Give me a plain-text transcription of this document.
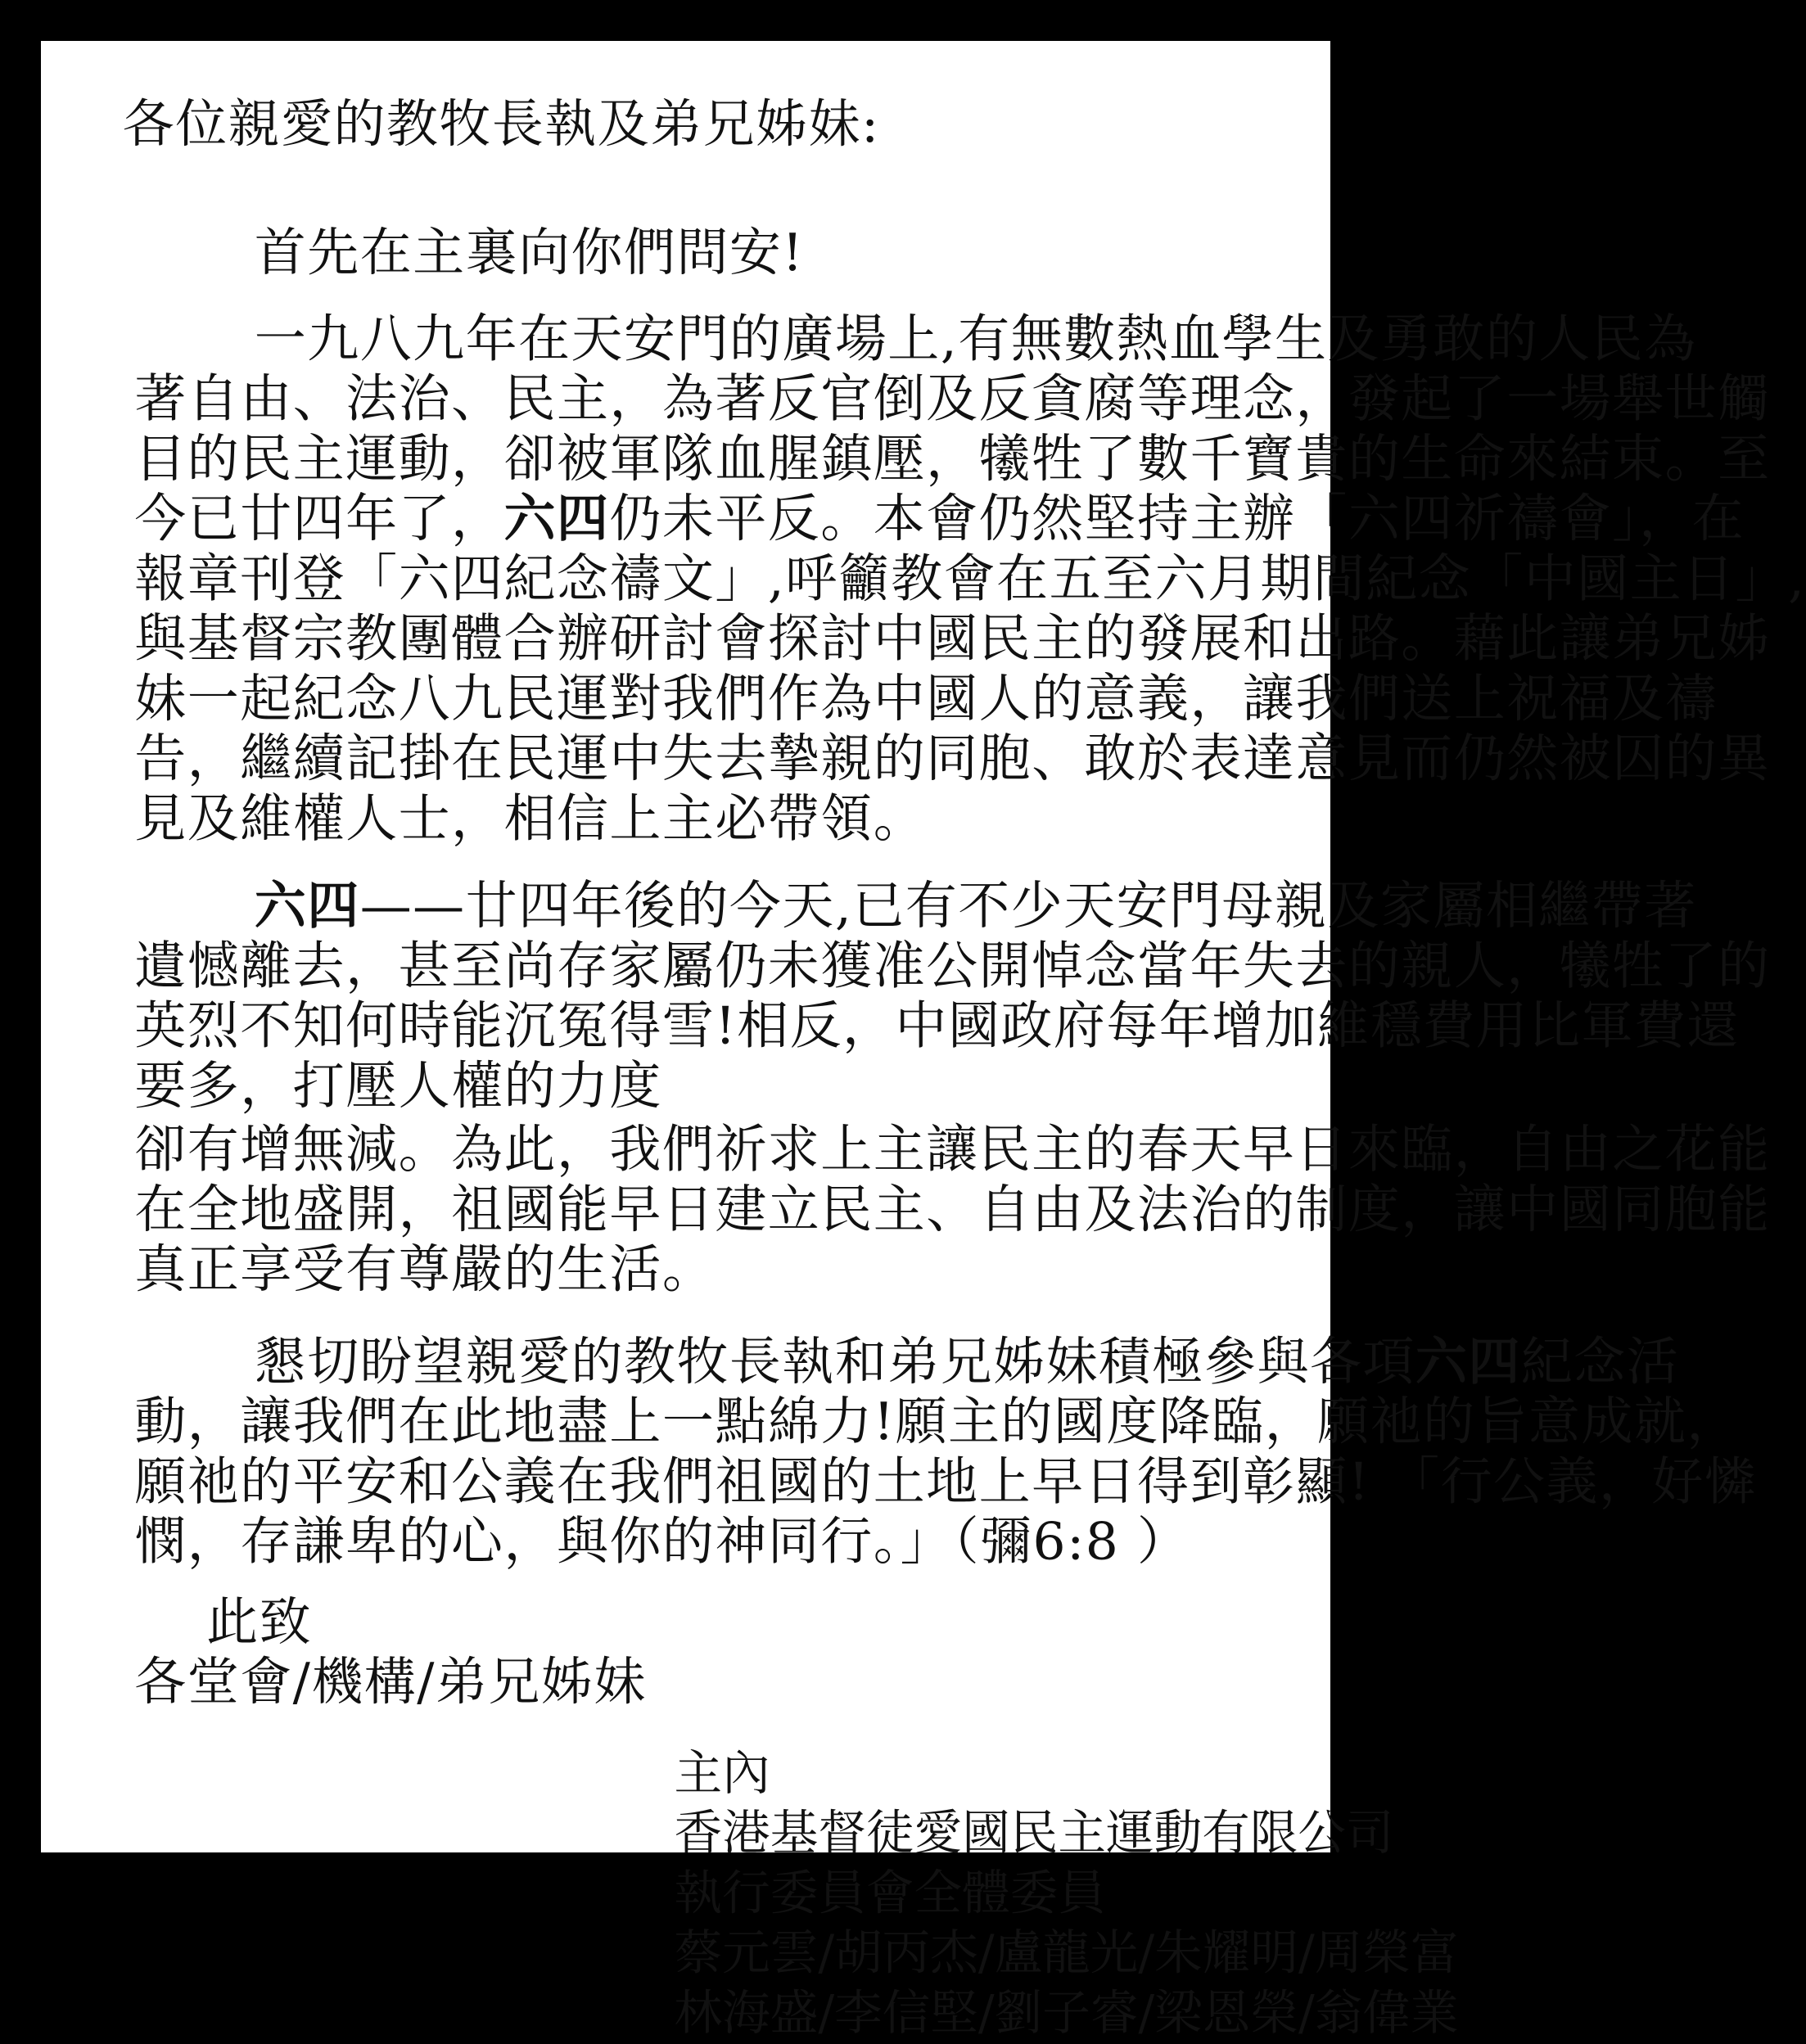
各位親愛的教牧長執及弟兄姊妹:
首先在主裏向你們問安!
一九八九年在天安門的廣場上,有無數熱血學生及勇敢的人民為
著自由、法治、民主，為著反官倒及反貪腐等理念，發起了一場舉世觸
目的民主運動，卻被軍隊血腥鎮壓，犧牲了數千寶貴的生命來結束。至
今已廿四年了，六四仍未平反。本會仍然堅持主辦「六四祈禱會」，在
報章刊登「六四紀念禱文」,呼籲教會在五至六月期間紀念「中國主日」,
與基督宗教團體合辦研討會探討中國民主的發展和出路。藉此讓弟兄姊
妹一起紀念八九民運對我們作為中國人的意義，讓我們送上祝福及禱
告，繼續記掛在民運中失去摯親的同胞、敢於表達意見而仍然被囚的異
見及維權人士，相信上主必帶領。
六四——廿四年後的今天,已有不少天安門母親及家屬相繼帶著
遺憾離去，甚至尚存家屬仍未獲准公開悼念當年失去的親人，犧牲了的
英烈不知何時能沉冤得雪!相反，中國政府每年增加維穩費用比軍費還
要多，打壓人權的力度
卻有增無減。為此，我們祈求上主讓民主的春天早日來臨，自由之花能
在全地盛開，祖國能早日建立民主、自由及法治的制度，讓中國同胞能
真正享受有尊嚴的生活。
懇切盼望親愛的教牧長執和弟兄姊妹積極參與各項六四紀念活
動，讓我們在此地盡上一點綿力!願主的國度降臨，願祂的旨意成就，
願祂的平安和公義在我們祖國的土地上早日得到彰顯! 「行公義，好憐
憫，存謙卑的心，與你的神同行。」（彌6:8 ）
此致
各堂會/機構/弟兄姊妹
主內
香港基督徒愛國民主運動有限公司
執行委員會全體委員
蔡元雲/胡丙杰/盧龍光/朱耀明/周榮富
林海盛/李信堅/劉子睿/梁恩榮/翁偉業
